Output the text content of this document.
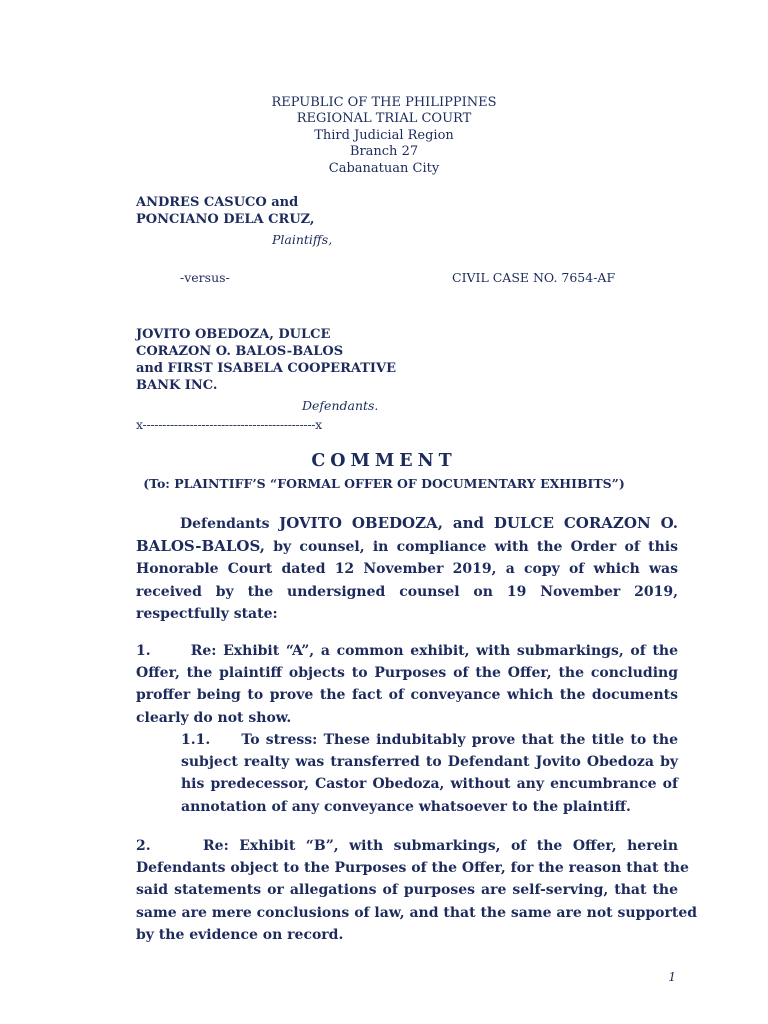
REPUBLIC OF THE PHILIPPINES
REGIONAL TRIAL COURT
Third Judicial Region
Branch 27
Cabanatuan City
ANDRES CASUCO and
PONCIANO DELA CRUZ,
Plaintiffs,
-versus-	CIVIL CASE NO. 7654-AF
JOVITO OBEDOZA, DULCE
CORAZON O. BALOS-BALOS
and FIRST ISABELA COOPERATIVE
BANK INC.
Defendants.
x--------------------------------------------x
COMMENT
(To: PLAINTIFF’S “FORMAL OFFER OF DOCUMENTARY EXHIBITS”)
Defendants JOVITO OBEDOZA, and DULCE CORAZON O.
BALOS-BALOS, by counsel, in compliance with the Order of this
Honorable Court dated 12 November 2019, a copy of which was
received by the undersigned counsel on 19 November 2019,
respectfully state:
1.      Re: Exhibit “A”, a common exhibit, with submarkings, of the
Offer, the plaintiff objects to Purposes of the Offer, the concluding
proffer being to prove the fact of conveyance which the documents
clearly do not show.
1.1.     To stress: These indubitably prove that the title to the
subject realty was transferred to Defendant Jovito Obedoza by
his predecessor, Castor Obedoza, without any encumbrance of
annotation of any conveyance whatsoever to the plaintiff.
2.     Re: Exhibit “B”, with submarkings, of the Offer, herein
Defendants object to the Purposes of the Offer, for the reason that the
said statements or allegations of purposes are self-serving, that the
same are mere conclusions of law, and that the same are not supported
by the evidence on record.
1
